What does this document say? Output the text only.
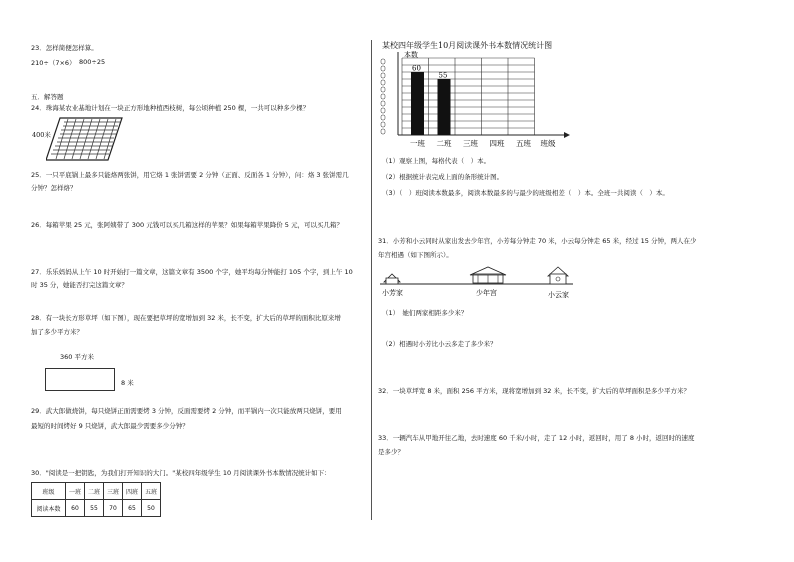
23．怎样简便怎样算。
210÷（7×6） 800÷25
五．解答题
24．珠海某农业基地计划在一块正方形地种植西枝树，每公顷种植 250 棵，一共可以种多少棵？
400米
25．一只平底锅上最多只能烙两张饼，用它烙 1 张饼需要 2 分钟（正面、反面各 1 分钟），问：烙 3 张饼需几
分钟？怎样烙？
26．每箱苹果 25 元，张阿姨带了 300 元钱可以买几箱这样的苹果？如果每箱苹果降价 5 元，可以买几箱？
27．乐乐妈妈从上午 10 时开始打一篇文章，这篇文章有 3500 个字，她平均每分钟能打 105 个字，到上午 10
时 35 分，她能否打完这篇文章？
28．有一块长方形草坪（如下图），现在要把草坪的宽增加到 32 米，长不变，扩大后的草坪的面积比原来增
加了多少平方米？
360 平方米
8 米
29．武大郎做烧饼，每只烧饼正面需要烤 3 分钟，反面需要烤 2 分钟，而平锅内一次只能放两只烧饼，要用
最短的时间烤好 9 只烧饼，武大郎最少需要多少分钟？
30．"阅读是一把钥匙，为我们打开知识的大门。"某校四年级学生 10 月阅读课外书本数情况统计如下：
班级	一班	二班	三班	四班	五班
阅读本数	60	55	70	65	50
某校四年级学生10月阅读课外书本数情况统计图
本数
60
55
一班 二班 三班 四班 五班 班级
（1）观察上图，每格代表（　）本。
（2）根据统计表完成上面的条形统计图。
（3）（　）班阅读本数最多，阅读本数最多的与最少的班级相差（　）本。全班一共阅读（　）本。
31．小芳和小云同时从家出发去少年宫，小芳每分钟走 70 米，小云每分钟走 65 米，经过 15 分钟，两人在少
年宫相遇（如下图所示）。
小芳家	少年宫	小云家
（1）　她们两家相距多少米？
（2）相遇时小芳比小云多走了多少米？
32．一块草坪宽 8 米，面积 256 平方米，现将宽增加到 32 米，长不变，扩大后的草坪面积是多少平方米？
33．一辆汽车从甲地开往乙地，去时速度 60 千米/小时，走了 12 小时，返回时，用了 8 小时，返回时的速度
是多少？
